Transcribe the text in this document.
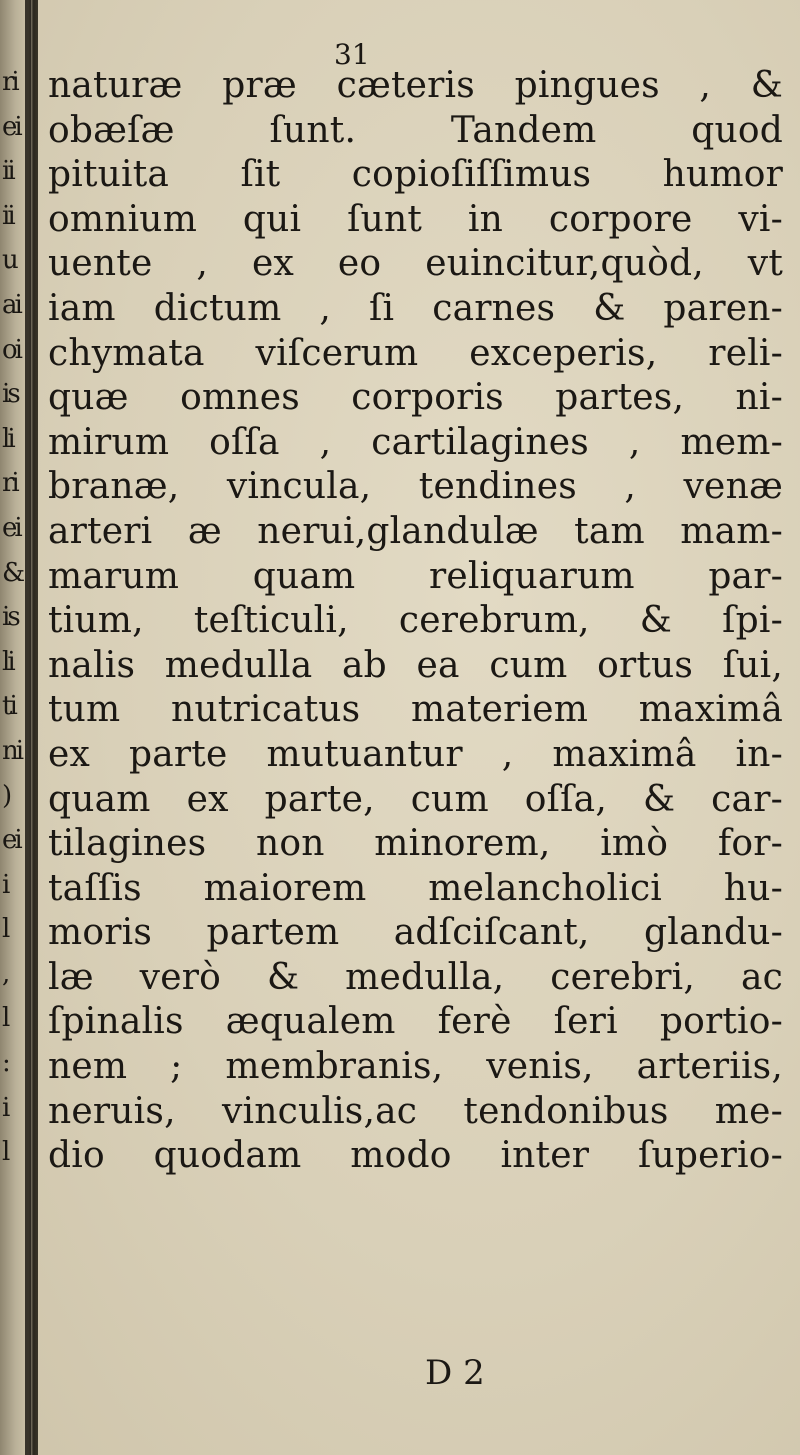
ri
ei
ii
ii
u
ai
oi
is
li
ri
ei
&
is
li
ti
ni
)
ei
i
l
,
l
:
i
l
31
naturæ præ cæteris pingues , &
obæſæ ſunt. Tandem quod
pituita ſit copioſiſſimus humor
omnium qui ſunt in corpore vi-
uente , ex eo euincitur,quòd, vt
iam dictum , ſi carnes & paren-
chymata viſcerum exceperis, reli-
quæ omnes corporis partes, ni-
mirum oſſa , cartilagines , mem-
branæ, vincula, tendines , venæ
arteri æ nerui,glandulæ tam mam-
marum quam reliquarum par-
tium, teſticuli, cerebrum, & ſpi-
nalis medulla ab ea cum ortus ſui,
tum nutricatus materiem maximâ
ex parte mutuantur , maximâ in-
quam ex parte, cum oſſa, & car-
tilagines non minorem, imò for-
taſſis maiorem melancholici hu-
moris partem adſciſcant, glandu-
læ verò & medulla, cerebri, ac
ſpinalis æqualem ferè ſeri portio-
nem ; membranis, venis, arteriis,
neruis, vinculis,ac tendonibus me-
dio quodam modo inter ſuperio-
D 2
